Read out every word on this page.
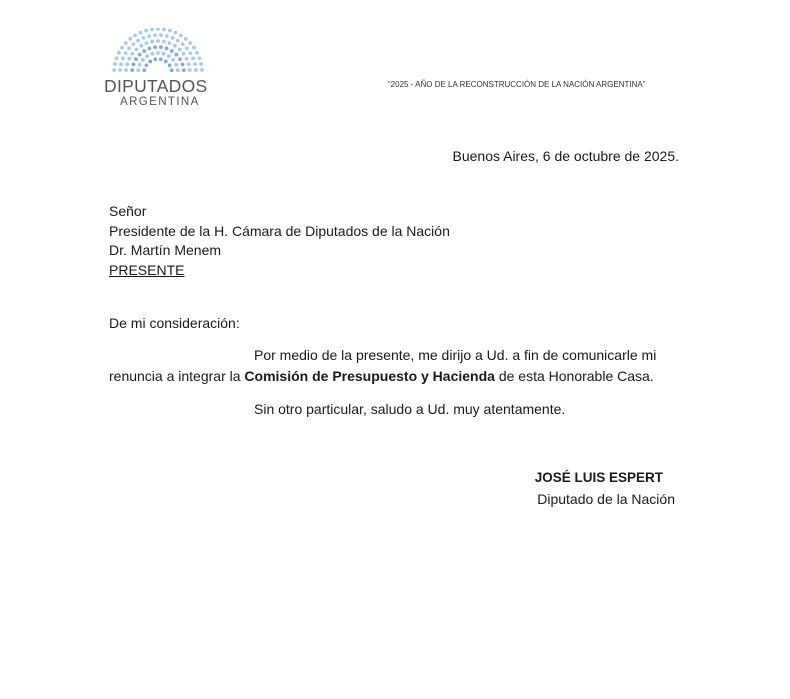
DIPUTADOS
ARGENTINA
“2025 - AÑO DE LA RECONSTRUCCIÓN DE LA NACIÓN ARGENTINA”
Buenos Aires, 6 de octubre de 2025.
Señor
Presidente de la H. Cámara de Diputados de la Nación
Dr. Martín Menem
PRESENTE
De mi consideración:
Por medio de la presente, me dirijo a Ud. a fin de comunicarle mi
renuncia a integrar la Comisión de Presupuesto y Hacienda de esta Honorable Casa.
Sin otro particular, saludo a Ud. muy atentamente.
JOSÉ LUIS ESPERT
Diputado de la Nación
